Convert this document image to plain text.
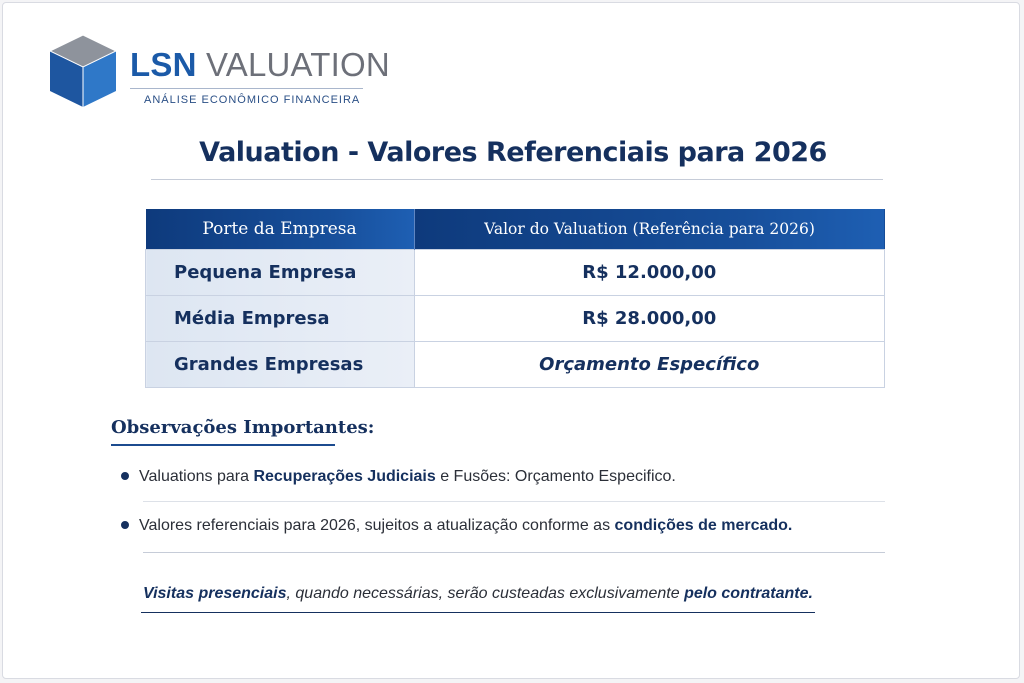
LSN VALUATION
ANÁLISE ECONÔMICO FINANCEIRA
Valuation - Valores Referenciais para 2026
Porte da Empresa	Valor do Valuation (Referência para 2026)
Pequena Empresa	R$ 12.000,00
Média Empresa	R$ 28.000,00
Grandes Empresas	Orçamento Específico
Observações Importantes:
Valuations para Recuperações Judiciais e Fusões: Orçamento Especifico.
Valores referenciais para 2026, sujeitos a atualização conforme as condições de mercado.
Visitas presenciais, quando necessárias, serão custeadas exclusivamente pelo contratante.
